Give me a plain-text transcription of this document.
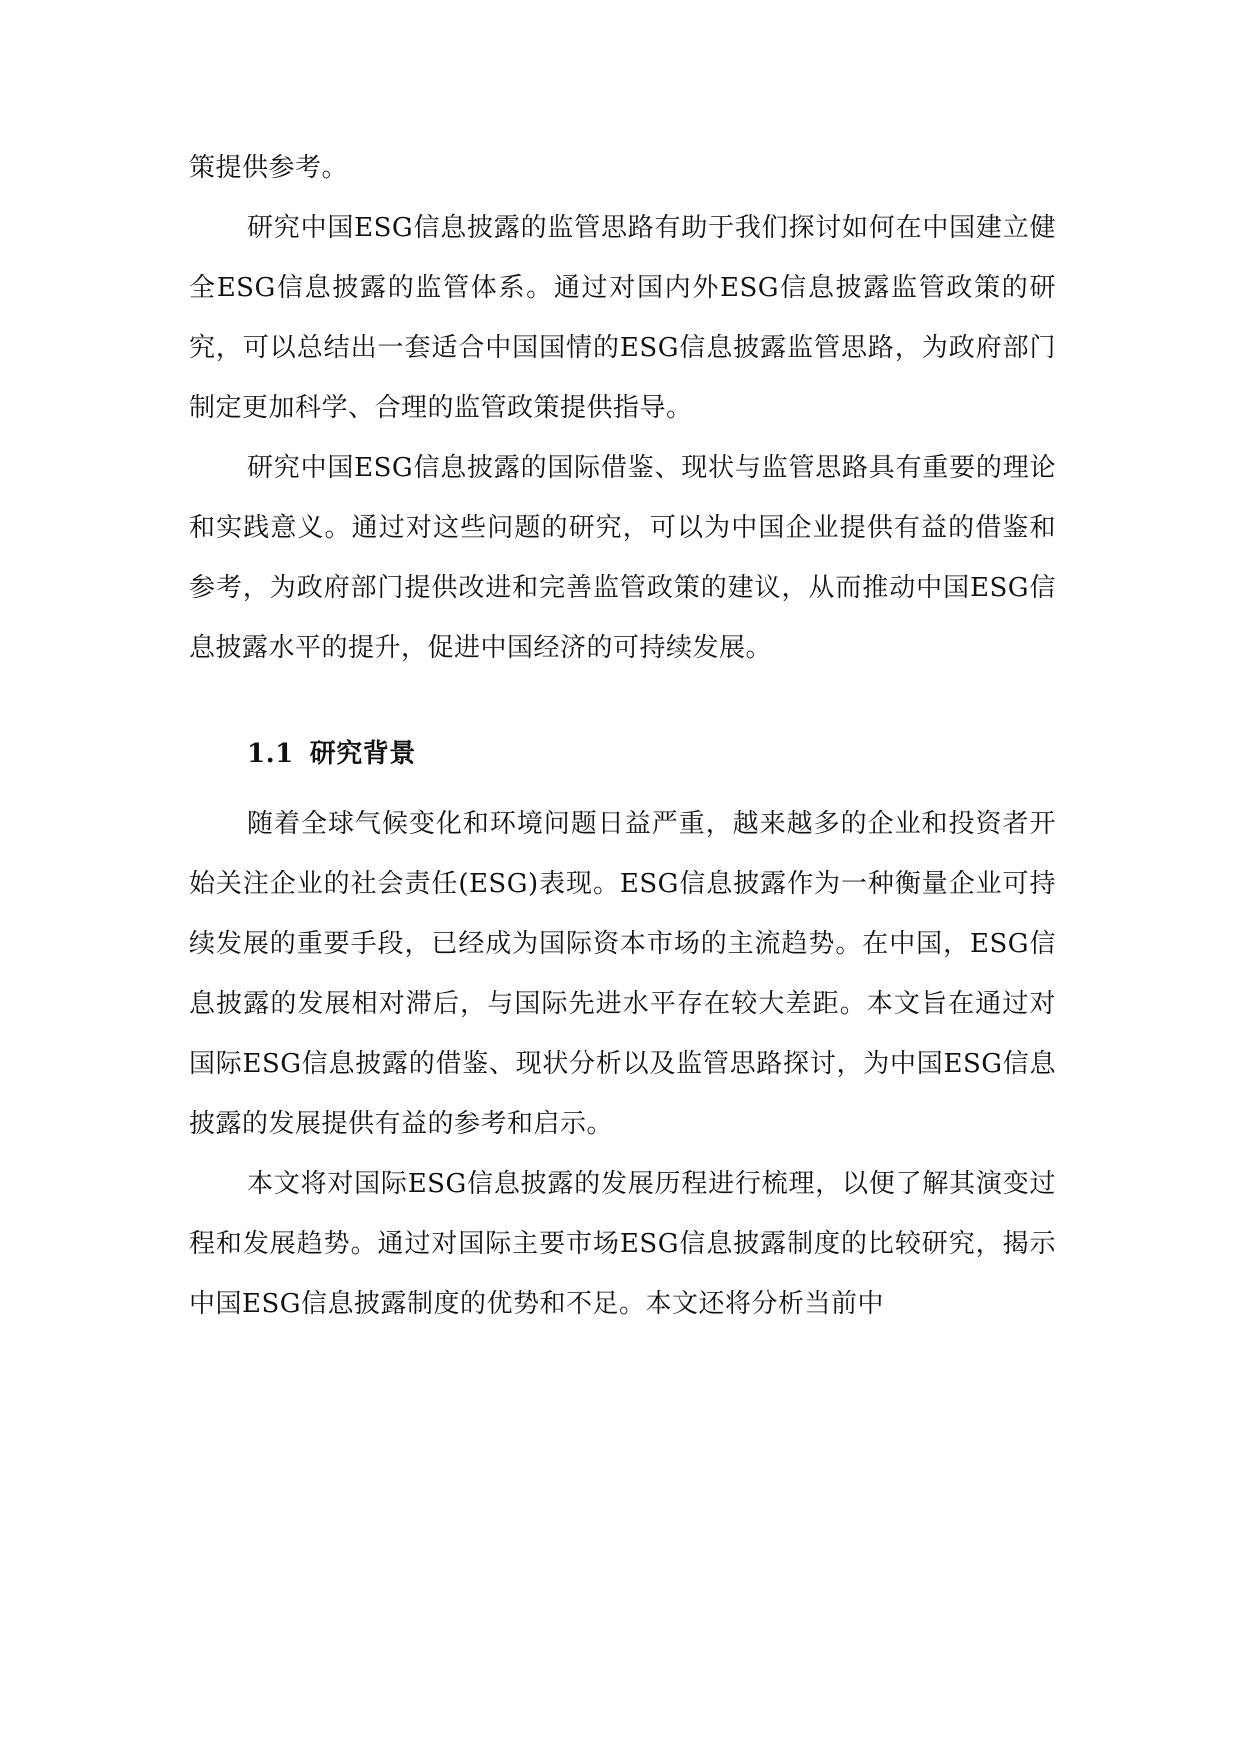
策提供参考。

研究中国ESG信息披露的监管思路有助于我们探讨如何在中国建立健全ESG信息披露的监管体系。通过对国内外ESG信息披露监管政策的研究，可以总结出一套适合中国国情的ESG信息披露监管思路，为政府部门制定更加科学、合理的监管政策提供指导。

研究中国ESG信息披露的国际借鉴、现状与监管思路具有重要的理论和实践意义。通过对这些问题的研究，可以为中国企业提供有益的借鉴和参考，为政府部门提供改进和完善监管政策的建议，从而推动中国ESG信息披露水平的提升，促进中国经济的可持续发展。

1.1 研究背景

随着全球气候变化和环境问题日益严重，越来越多的企业和投资者开始关注企业的社会责任(ESG)表现。ESG信息披露作为一种衡量企业可持续发展的重要手段，已经成为国际资本市场的主流趋势。在中国，ESG信息披露的发展相对滞后，与国际先进水平存在较大差距。本文旨在通过对国际ESG信息披露的借鉴、现状分析以及监管思路探讨，为中国ESG信息披露的发展提供有益的参考和启示。

本文将对国际ESG信息披露的发展历程进行梳理，以便了解其演变过程和发展趋势。通过对国际主要市场ESG信息披露制度的比较研究，揭示中国ESG信息披露制度的优势和不足。本文还将分析当前中
